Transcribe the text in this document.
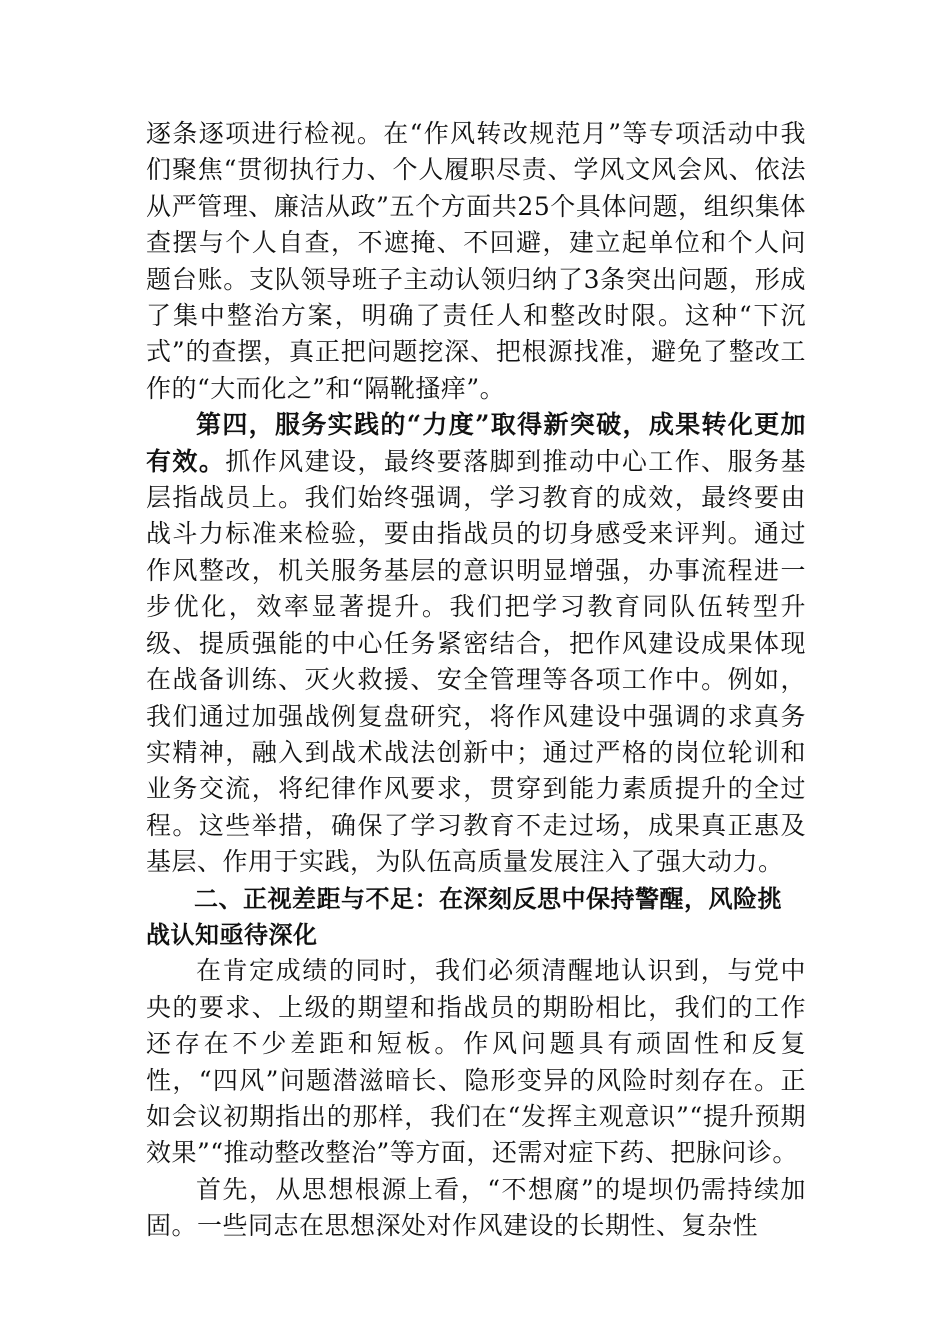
逐条逐项进行检视。在“作风转改规范月”等专项活动中我们聚焦“贯彻执行力、个人履职尽责、学风文风会风、依法从严管理、廉洁从政”五个方面共25个具体问题，组织集体查摆与个人自查，不遮掩、不回避，建立起单位和个人问题台账。支队领导班子主动认领归纳了3条突出问题，形成了集中整治方案，明确了责任人和整改时限。这种“下沉式”的查摆，真正把问题挖深、把根源找准，避免了整改工作的“大而化之”和“隔靴搔痒”。

第四，服务实践的“力度”取得新突破，成果转化更加有效。抓作风建设，最终要落脚到推动中心工作、服务基层指战员上。我们始终强调，学习教育的成效，最终要由战斗力标准来检验，要由指战员的切身感受来评判。通过作风整改，机关服务基层的意识明显增强，办事流程进一步优化，效率显著提升。我们把学习教育同队伍转型升级、提质强能的中心任务紧密结合，把作风建设成果体现在战备训练、灭火救援、安全管理等各项工作中。例如，我们通过加强战例复盘研究，将作风建设中强调的求真务实精神，融入到战术战法创新中；通过严格的岗位轮训和业务交流，将纪律作风要求，贯穿到能力素质提升的全过程。这些举措，确保了学习教育不走过场，成果真正惠及基层、作用于实践，为队伍高质量发展注入了强大动力。

二、正视差距与不足：在深刻反思中保持警醒，风险挑战认知亟待深化

在肯定成绩的同时，我们必须清醒地认识到，与党中央的要求、上级的期望和指战员的期盼相比，我们的工作还存在不少差距和短板。作风问题具有顽固性和反复性，“四风”问题潜滋暗长、隐形变异的风险时刻存在。正如会议初期指出的那样，我们在“发挥主观意识”“提升预期效果”“推动整改整治”等方面，还需对症下药、把脉问诊。

首先，从思想根源上看，“不想腐”的堤坝仍需持续加固。一些同志在思想深处对作风建设的长期性、复杂性
